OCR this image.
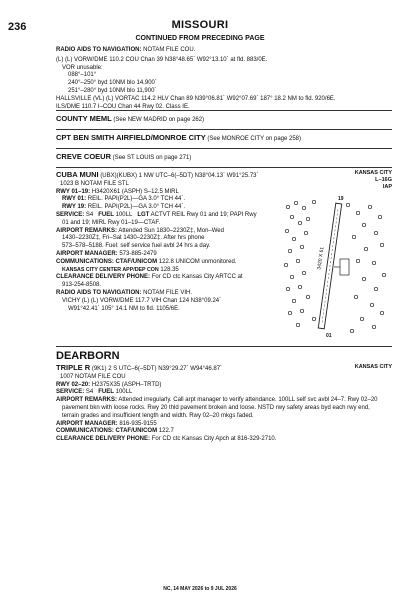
236	MISSOURI
CONTINUED FROM PRECEDING PAGE
RADIO AIDS TO NAVIGATION: NOTAM FILE COU.
(L) (L) VORW/DME 110.2 COU Chan 39 N38°48.65´ W92°13.10´ at fld. 883/0E.
VOR unusable:
088°–101°
240°–250° byd 10NM blo 14,900´
251°–280° byd 10NM blo 11,900´
HALLSVILLE (VL) (L) VORTAC 114.2 HLV Chan 89 N39°06.81´ W92°07.69´ 187° 18.2 NM to fld. 920/6E.
ILS/DME 110.7 I–COU Chan 44 Rwy 02. Class IE.
COUNTY MEML (See NEW MADRID on page 262)
CPT BEN SMITH AIRFIELD/MONROE CITY (See MONROE CITY on page 258)
CREVE COEUR (See ST LOUIS on page 271)
KANSAS CITY
L–16G
IAP
CUBA MUNI (UBX)(KUBX) 1 NW UTC–6(–5DT) N38°04.13´ W91°25.73´
1023 B NOTAM FILE STL
RWY 01–19: H3420X61 (ASPH) S–12.5 MIRL
RWY 01: REIL. PAPI(P2L)—GA 3.0° TCH 44´.
RWY 19: REIL. PAPI(P2L)—GA 3.0° TCH 44´.
SERVICE: S4 FUEL 100LL LGT ACTVT REIL Rwy 01 and 19; PAPI Rwy
01 and 19; MIRL Rwy 01–19—CTAF.
AIRPORT REMARKS: Attended Sun 1830–2230Z‡, Mon–Wed
1430–2230Z‡, Fri–Sat 1430–2230Z‡. After hrs phone
573–578–5188. Fuel: self service fuel avbl 24 hrs a day.
AIRPORT MANAGER: 573-885-2479
COMMUNICATIONS: CTAF/UNICOM 122.8 UNICOM unmonitored.
KANSAS CITY CENTER APP/DEP CON 128.35
CLEARANCE DELIVERY PHONE: For CD ctc Kansas City ARTCC at
913-254-8508.
RADIO AIDS TO NAVIGATION: NOTAM FILE VIH.
VICHY (L) (L) VORW/DME 117.7 VIH Chan 124 N38°09.24´
W91°42.41´ 105° 14.1 NM to fld. 1105/6E.
3420 X 61
01
19
DEARBORN
KANSAS CITY
TRIPLE R (9K1) 2 S UTC–6(–5DT) N39°29.27´ W94°46.87´
1007 NOTAM FILE COU
RWY 02–20: H2375X35 (ASPH–TRTD)
SERVICE: S4 FUEL 100LL
AIRPORT REMARKS: Attended irregularly. Call arpt manager to verify attendance. 100LL self svc avbl 24–7. Rwy 02–20
pavement bkn with loose rocks. Rwy 20 thld pavement broken and loose. NSTD rwy safety areas byd each rwy end,
terrain grades and insufficient length and width. Rwy 02–20 mkgs faded.
AIRPORT MANAGER: 816-935-9155
COMMUNICATIONS: CTAF/UNICOM 122.7
CLEARANCE DELIVERY PHONE: For CD ctc Kansas City Apch at 816-329-2710.
NC, 14 MAY 2026 to 9 JUL 2026
